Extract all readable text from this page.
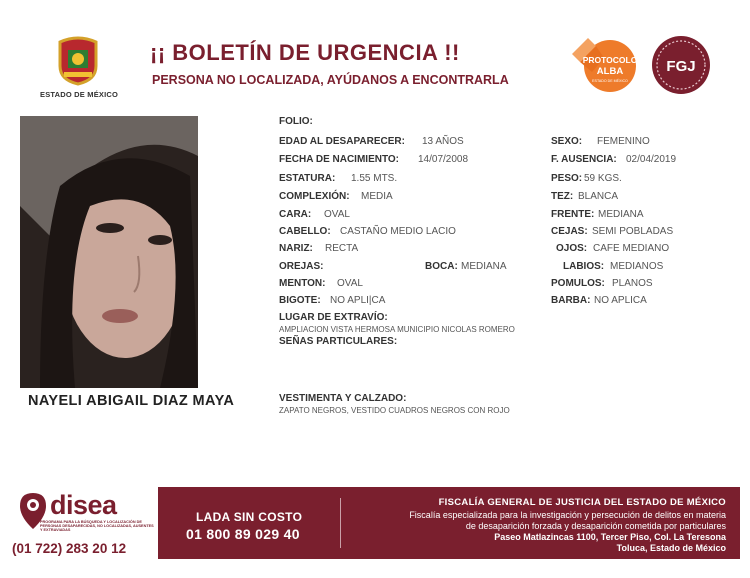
ESTADO DE MÉXICO
¡¡ BOLETÍN DE URGENCIA !!
PERSONA NO LOCALIZADA, AYÚDANOS A ENCONTRARLA
PROTOCOLO
ALBA
ESTADO DE MÉXICO
FGJ
NAYELI ABIGAIL DIAZ MAYA
FOLIO:
EDAD AL DESAPARECER: 13 AÑOS
FECHA DE NACIMIENTO: 14/07/2008
ESTATURA: 1.55 MTS.
COMPLEXIÓN: MEDIA
CARA: OVAL
CABELLO: CASTAÑO MEDIO LACIO
NARIZ: RECTA
OREJAS:	BOCA: MEDIANA
MENTON: OVAL
BIGOTE: NO APLI|CA
LUGAR DE EXTRAVÍO:
AMPLIACION VISTA HERMOSA MUNICIPIO NICOLAS ROMERO
SEÑAS PARTICULARES:
VESTIMENTA Y CALZADO:
ZAPATO NEGROS, VESTIDO CUADROS NEGROS CON ROJO
SEXO: FEMENINO
F. AUSENCIA: 02/04/2019
PESO: 59 KGS.
TEZ: BLANCA
FRENTE: MEDIANA
CEJAS: SEMI POBLADAS
OJOS: CAFE MEDIANO
LABIOS: MEDIANOS
POMULOS: PLANOS
BARBA: NO APLICA
disea
PROGRAMA PARA LA BÚSQUEDA Y LOCALIZACIÓN DE PERSONAS DESAPARECIDAS, NO LOCALIZADAS, AUSENTES Y EXTRAVIADAS
(01 722) 283 20 12
LADA SIN COSTO
01 800 89 029 40
FISCALÍA GENERAL DE JUSTICIA DEL ESTADO DE MÉXICO
Fiscalía especializada para la investigación y persecución de delitos en materia
de desaparición forzada y desaparición cometida por particulares
Paseo Matlazincas 1100, Tercer Piso, Col. La Teresona
Toluca, Estado de México
